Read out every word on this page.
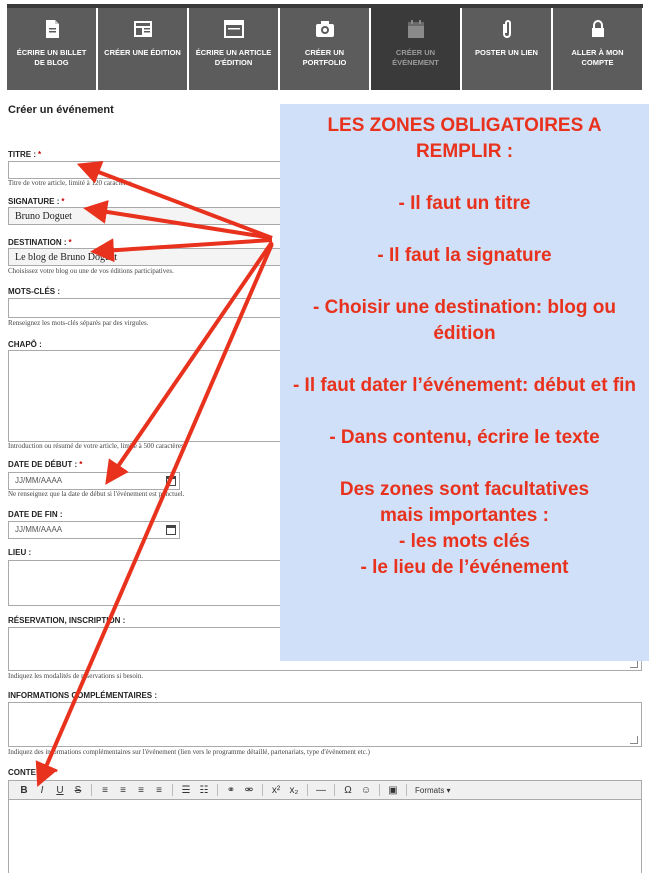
ÉCRIRE UN BILLET DE BLOG
CRÉER UNE ÉDITION	ÉCRIRE UN ARTICLE D'ÉDITION
CRÉER UN PORTFOLIO
CRÉER UN ÉVÉNEMENT
POSTER UN LIEN	ALLER À MON COMPTE
Créer un événement
TITRE : *
Titre de votre article, limité à 120 caractères.
SIGNATURE : *
Bruno Doguet
DESTINATION : *
Le blog de Bruno Doguet
Choisissez votre blog ou une de vos éditions participatives.
MOTS-CLÉS :
Renseignez les mots-clés séparés par des virgules.
CHAPÔ :
Introduction ou résumé de votre article, limité à 500 caractères.
DATE DE DÉBUT : *
JJ/MM/AAAA
Ne renseignez que la date de début si l'événement est ponctuel.
DATE DE FIN :
JJ/MM/AAAA
LIEU :
RÉSERVATION, INSCRIPTION :
Indiquez les modalités de réservations si besoin.
INFORMATIONS COMPLÉMENTAIRES :
Indiquez des informations complémentaires sur l'événement (lien vers le programme détaillé, partenariats, type d'événement etc.)
CONTENU : *
B	I	U	S	≡	≡	≡	≡	☰ ☷	⚭ ⚮	x² x₂	—	Ω ☺	▣	Formats ▾

LES ZONES OBLIGATOIRES A REMPLIR :

- Il faut un titre

- Il faut la signature

- Choisir une destination: blog ou édition

- Il faut dater l’événement: début et fin

- Dans contenu, écrire le texte

Des zones sont facultatives mais importantes :

- les mots clés

- le lieu de l’événement
